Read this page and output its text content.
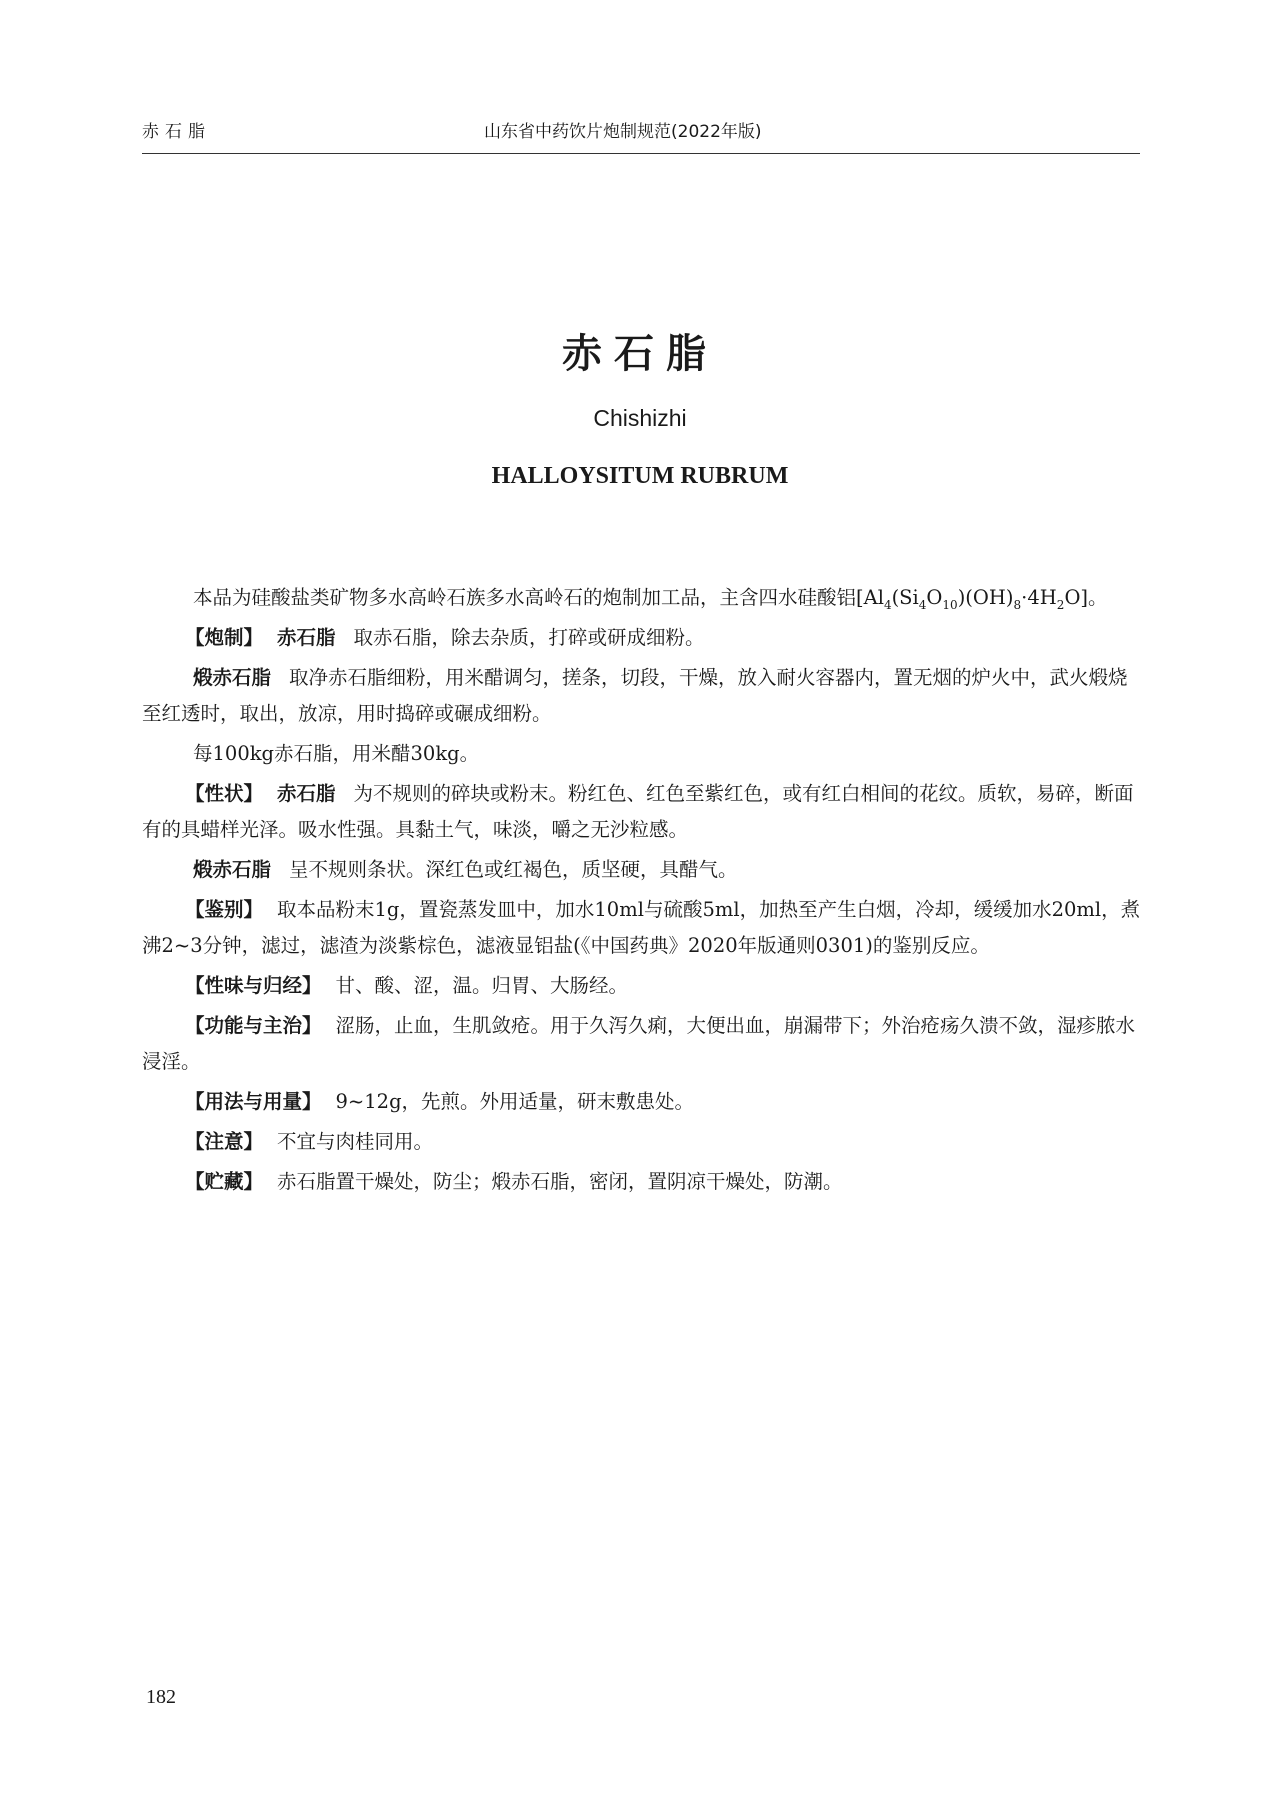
赤石脂	山东省中药饮片炮制规范(2022年版)
赤石脂
Chishizhi
HALLOYSITUM RUBRUM

本品为硅酸盐类矿物多水高岭石族多水高岭石的炮制加工品，主含四水硅酸铝$[Al_4(Si_4O_{10})(OH)_8\cdot 4H_2O]$。

【炮制】 赤石脂 取赤石脂，除去杂质，打碎或研成细粉。

煅赤石脂 取净赤石脂细粉，用米醋调匀，搓条，切段，干燥，放入耐火容器内，置无烟的炉火中，武火煅烧至红透时，取出，放凉，用时捣碎或碾成细粉。

每100kg赤石脂，用米醋30kg。

【性状】 赤石脂 为不规则的碎块或粉末。粉红色、红色至紫红色，或有红白相间的花纹。质软，易碎，断面有的具蜡样光泽。吸水性强。具黏土气，味淡，嚼之无沙粒感。

煅赤石脂 呈不规则条状。深红色或红褐色，质坚硬，具醋气。

【鉴别】 取本品粉末1g，置瓷蒸发皿中，加水10ml与硫酸5ml，加热至产生白烟，冷却，缓缓加水20ml，煮沸2~3分钟，滤过，滤渣为淡紫棕色，滤液显铝盐(《中国药典》2020年版通则0301)的鉴别反应。

【性味与归经】 甘、酸、涩，温。归胃、大肠经。

【功能与主治】 涩肠，止血，生肌敛疮。用于久泻久痢，大便出血，崩漏带下；外治疮疡久溃不敛，湿疹脓水浸淫。

【用法与用量】 9~12g，先煎。外用适量，研末敷患处。

【注意】 不宜与肉桂同用。

【贮藏】 赤石脂置干燥处，防尘；煅赤石脂，密闭，置阴凉干燥处，防潮。

182
